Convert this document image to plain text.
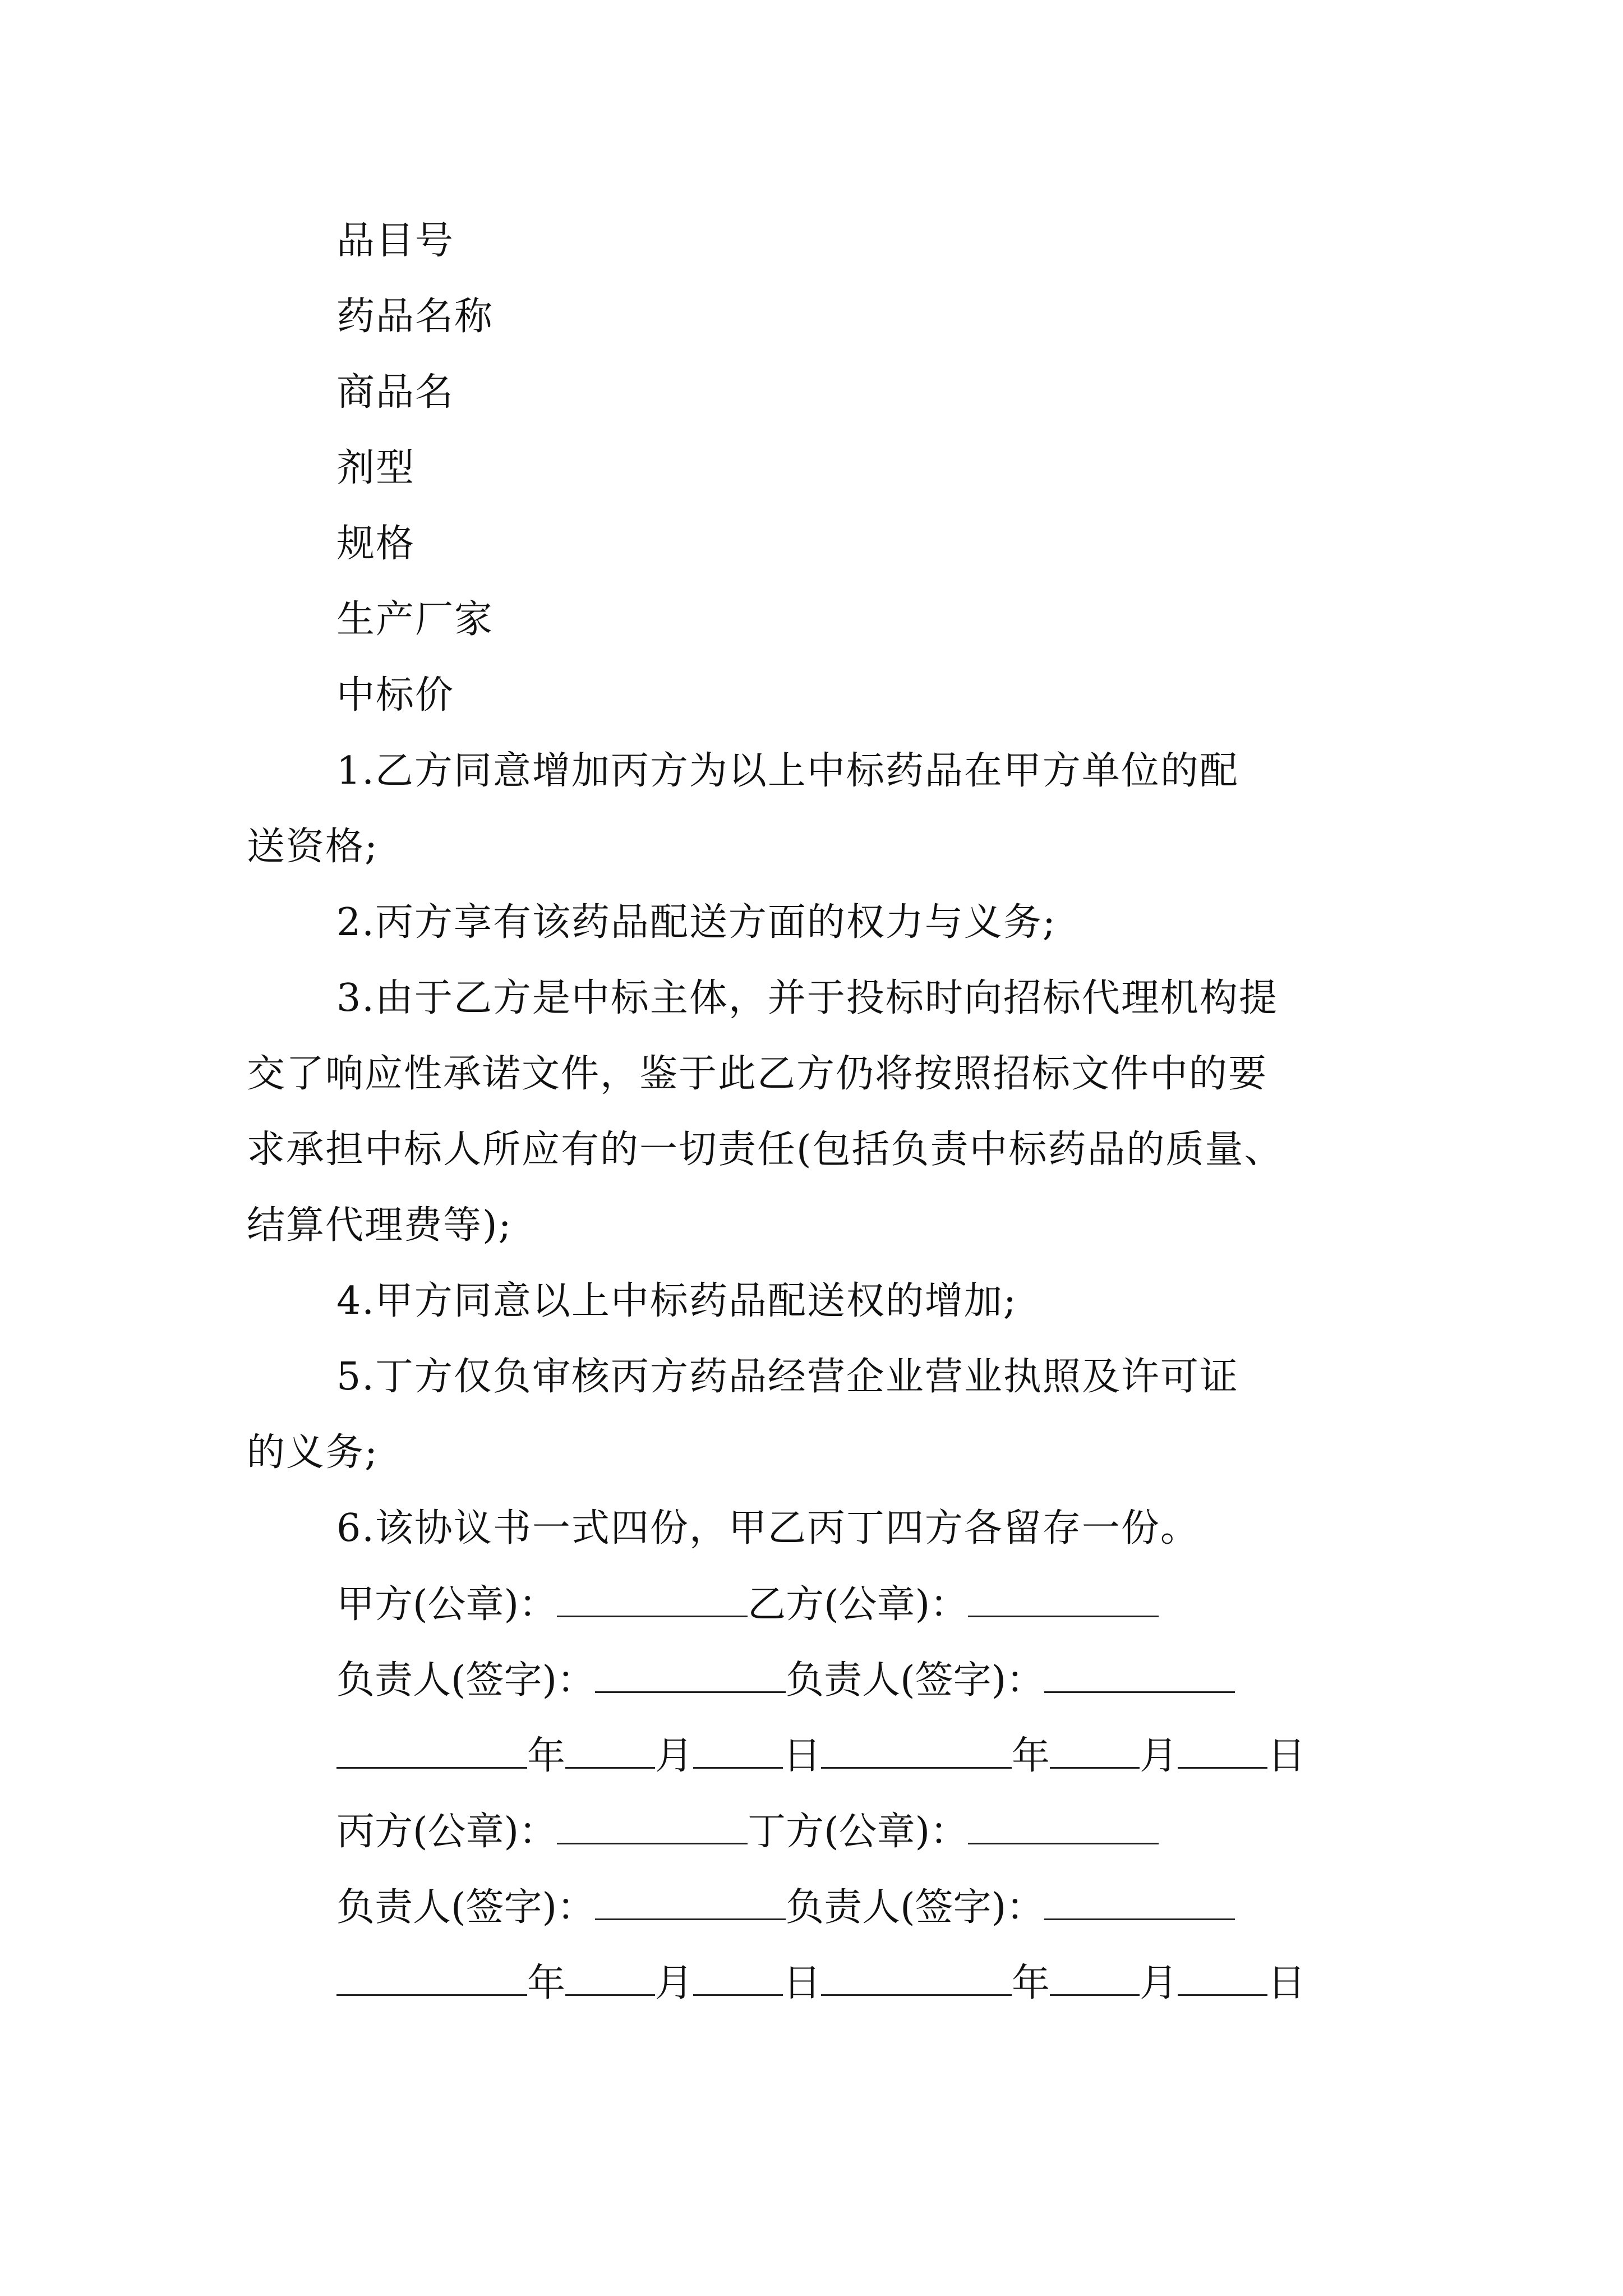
品目号
药品名称
商品名
剂型
规格
生产厂家
中标价
1.乙方同意增加丙方为以上中标药品在甲方单位的配
送资格;
2.丙方享有该药品配送方面的权力与义务;
3.由于乙方是中标主体，并于投标时向招标代理机构提
交了响应性承诺文件，鉴于此乙方仍将按照招标文件中的要
求承担中标人所应有的一切责任(包括负责中标药品的质量、
结算代理费等);
4.甲方同意以上中标药品配送权的增加;
5.丁方仅负审核丙方药品经营企业营业执照及许可证
的义务;
6.该协议书一式四份，甲乙丙丁四方各留存一份。
甲方(公章)：	乙方(公章)：
负责人(签字)：	负责人(签字)：
年 月 日	年 月 日
丙方(公章)：	丁方(公章)：
负责人(签字)：	负责人(签字)：
年 月 日	年 月 日
